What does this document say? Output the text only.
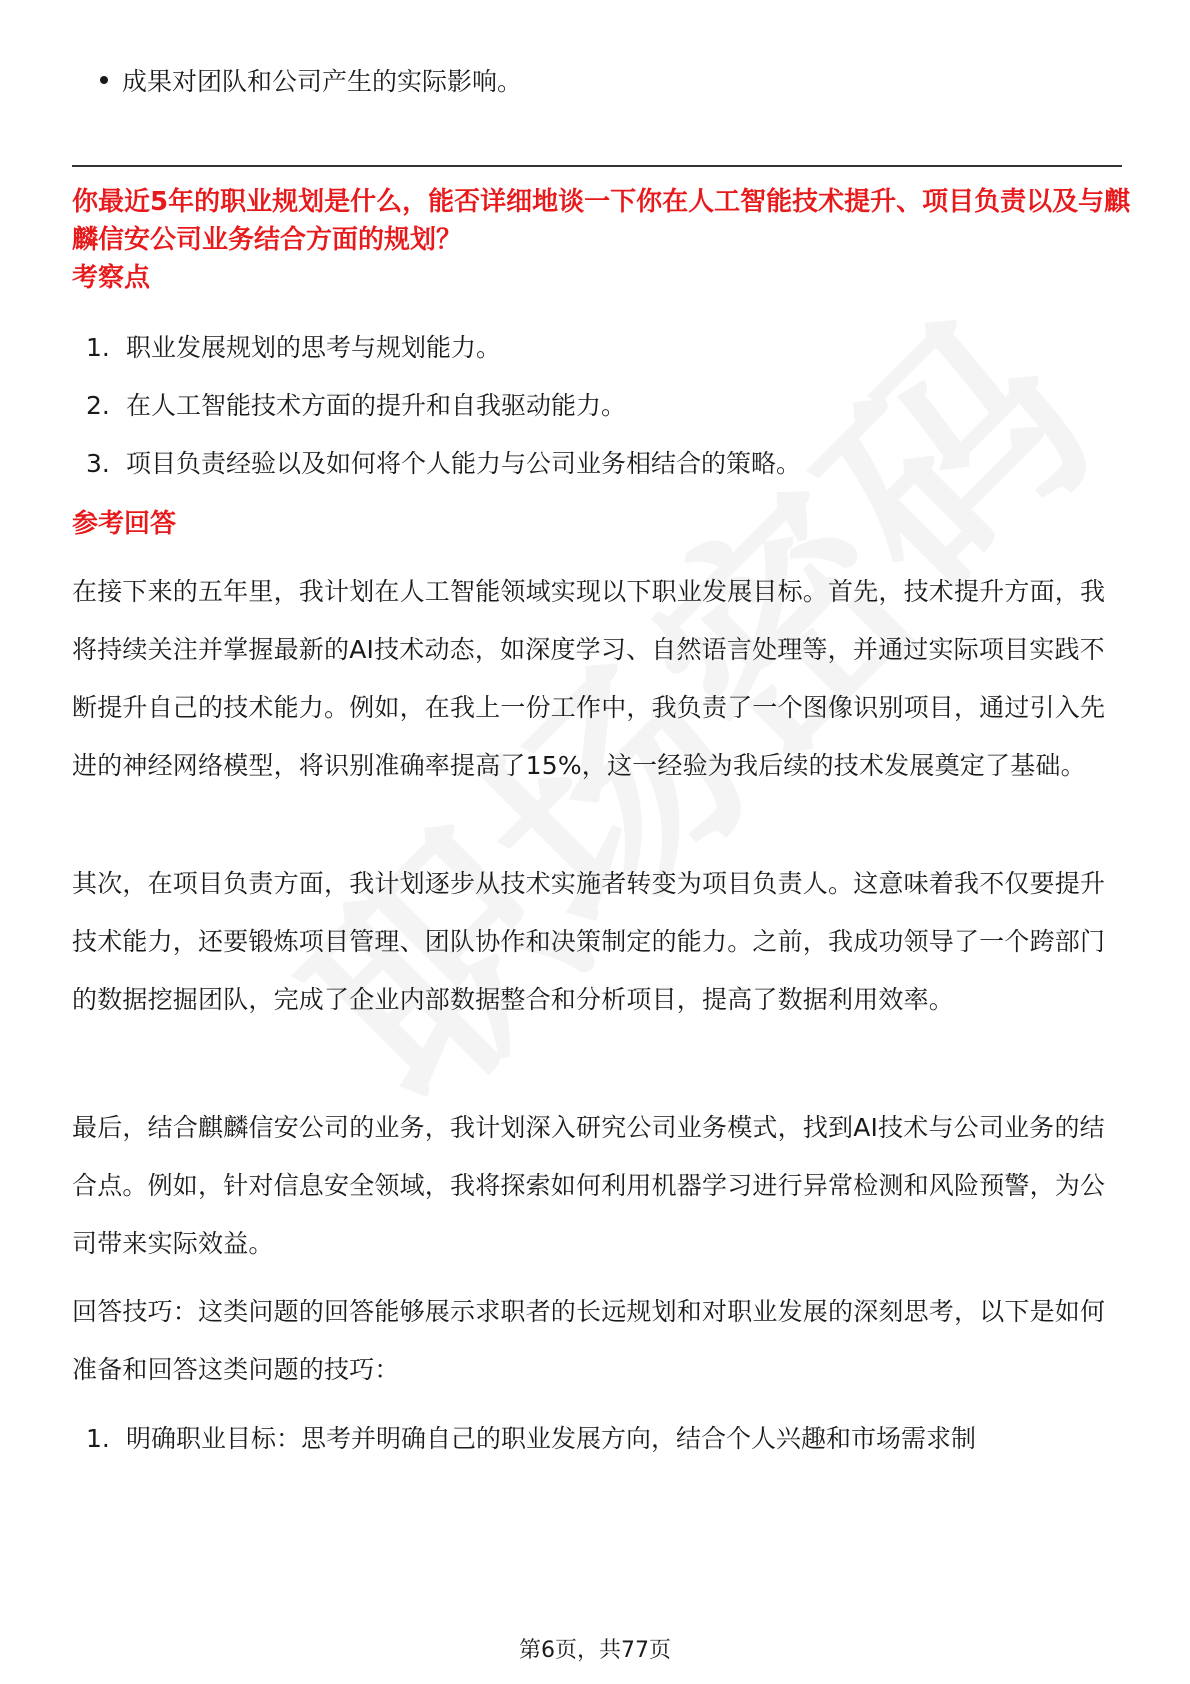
成果对团队和公司产生的实际影响。
你最近5年的职业规划是什么，能否详细地谈一下你在人工智能技术提升、项目负责以及与麒麟信安公司业务结合方面的规划？
考察点
1. 职业发展规划的思考与规划能力。
2. 在人工智能技术方面的提升和自我驱动能力。
3. 项目负责经验以及如何将个人能力与公司业务相结合的策略。
参考回答

在接下来的五年里，我计划在人工智能领域实现以下职业发展目标。首先，技术提升方面，我将持续关注并掌握最新的AI技术动态，如深度学习、自然语言处理等，并通过实际项目实践不断提升自己的技术能力。例如，在我上一份工作中，我负责了一个图像识别项目，通过引入先进的神经网络模型，将识别准确率提高了15%，这一经验为我后续的技术发展奠定了基础。

其次，在项目负责方面，我计划逐步从技术实施者转变为项目负责人。这意味着我不仅要提升技术能力，还要锻炼项目管理、团队协作和决策制定的能力。之前，我成功领导了一个跨部门的数据挖掘团队，完成了企业内部数据整合和分析项目，提高了数据利用效率。

最后，结合麒麟信安公司的业务，我计划深入研究公司业务模式，找到AI技术与公司业务的结合点。例如，针对信息安全领域，我将探索如何利用机器学习进行异常检测和风险预警，为公司带来实际效益。

回答技巧：这类问题的回答能够展示求职者的长远规划和对职业发展的深刻思考，以下是如何准备和回答这类问题的技巧：

1. 明确职业目标：思考并明确自己的职业发展方向，结合个人兴趣和市场需求制
第6页，共77页
